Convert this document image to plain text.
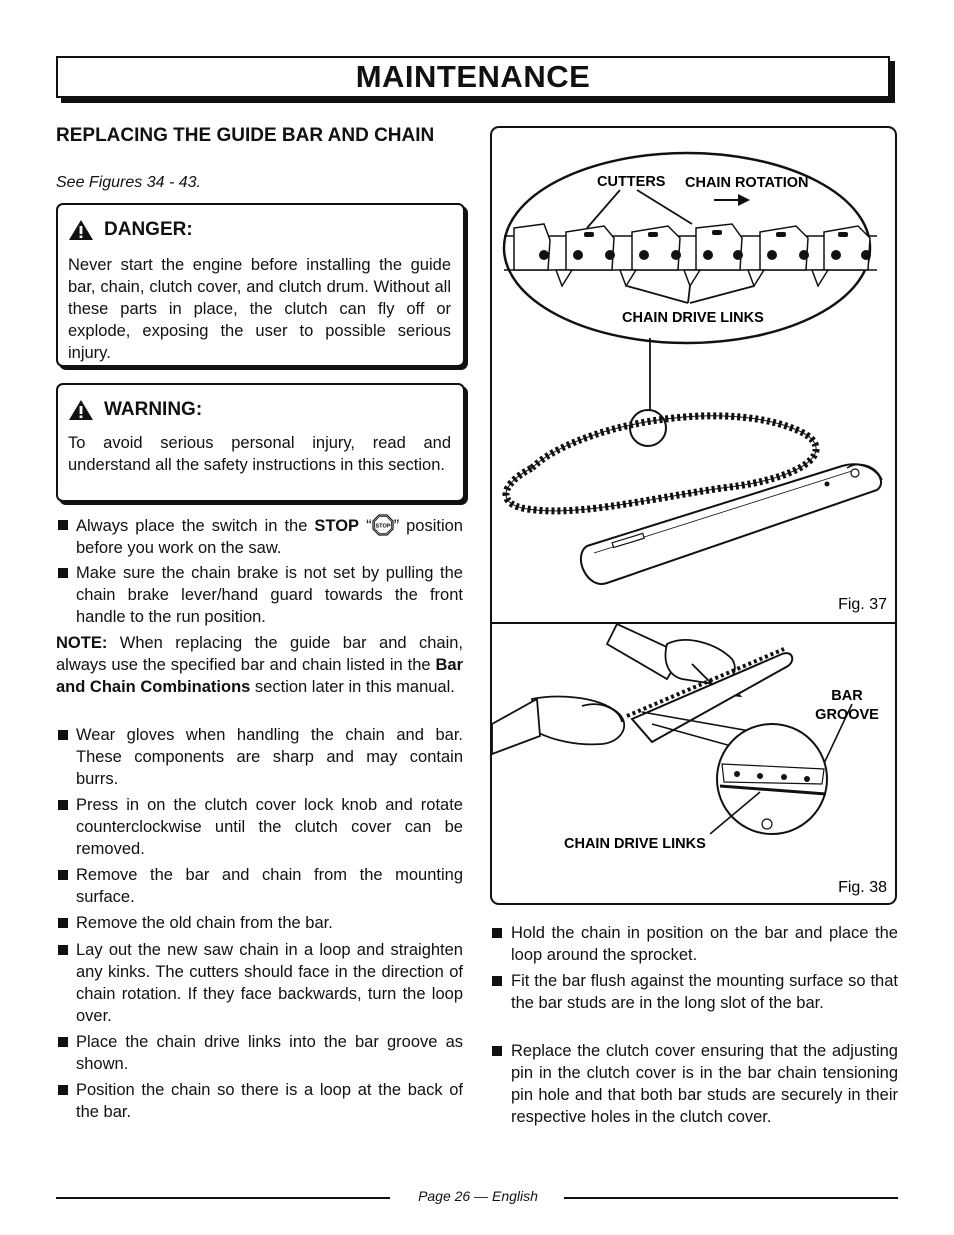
MAINTENANCE
REPLACING THE GUIDE BAR AND CHAIN
See Figures 34 - 43.
DANGER:
Never start the engine before installing the guide bar, chain, clutch cover, and clutch drum. Without all these parts in place, the clutch can fly off or explode, exposing the user to possible serious injury.
WARNING:
To avoid serious personal injury, read and understand all the safety instructions in this section.
Always place the switch in the STOP “ STOP ” position before you work on the saw.
Make sure the chain brake is not set by pulling the chain brake lever/hand guard towards the front handle to the run position.
NOTE: When replacing the guide bar and chain, always use the specified bar and chain listed in the Bar and Chain Combinations section later in this manual.
Wear gloves when handling the chain and bar. These components are sharp and may contain burrs.
Press in on the clutch cover lock knob and rotate counterclockwise until the clutch cover can be removed.
Remove the bar and chain from the mounting surface.
Remove the old chain from the bar.
Lay out the new saw chain in a loop and straighten any kinks. The cutters should face in the direction of chain rotation. If they face backwards, turn the loop over.
Place the chain drive links into the bar groove as shown.
Position the chain so there is a loop at the back of the bar.
CUTTERS CHAIN ROTATION
CHAIN DRIVE LINKS
Fig. 37
BAR
GROOVE
CHAIN DRIVE LINKS
Fig. 38
Hold the chain in position on the bar and place the loop around the sprocket.
Fit the bar flush against the mounting surface so that the bar studs are in the long slot of the bar.
Replace the clutch cover ensuring that the adjusting pin in the clutch cover is in the bar chain tensioning pin hole and that both bar studs are securely in their respective holes in the clutch cover.
Page 26 — English
